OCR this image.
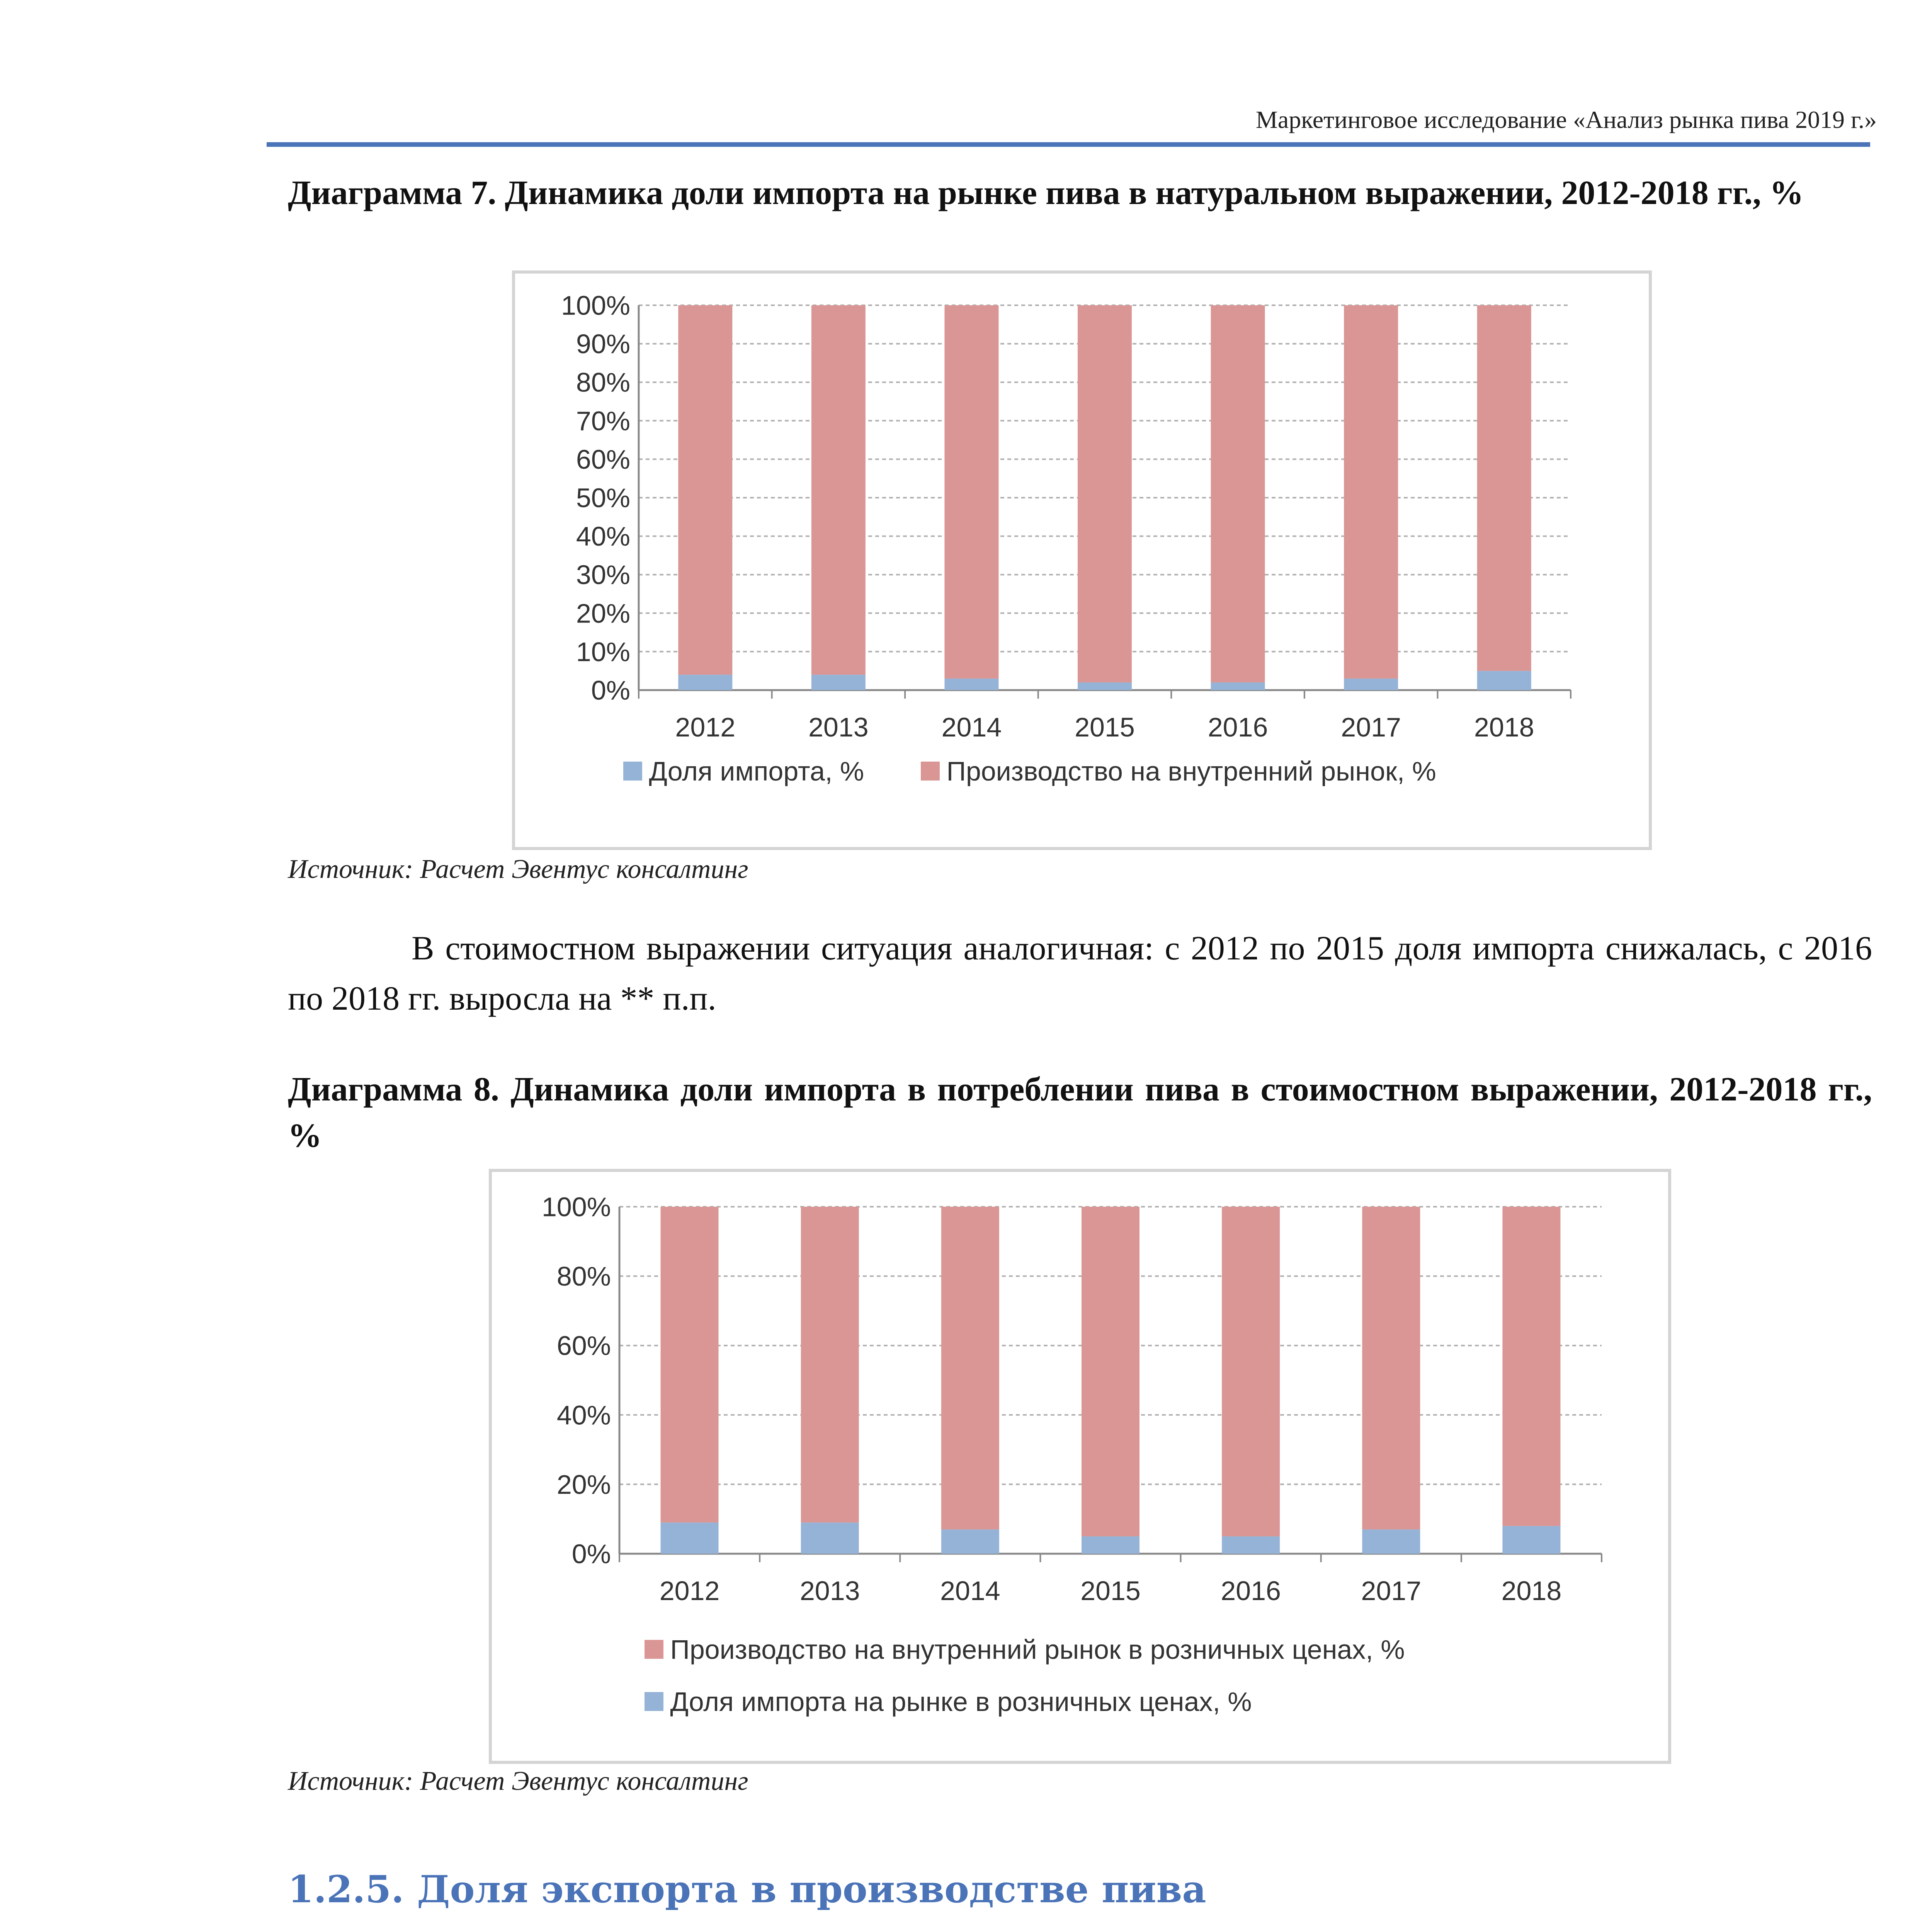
Маркетинговое исследование «Анализ рынка пива 2019 г.»
Диаграмма 7. Динамика доли импорта на рынке пива в натуральном выражении, 2012-2018 гг., %
0%
10%
20%
30%
40%
50%
60%
70%
80%
90%
100%
2012	2013	2014	2015	2016	2017	2018
Доля импорта, %	Производство на внутренний рынок, %
Источник: Расчет Эвентус консалтинг
В стоимостном выражении ситуация аналогичная: с 2012 по 2015 доля импорта снижалась, с 2016 по 2018 гг. выросла на ** п.п.
Диаграмма 8. Динамика доли импорта в потреблении пива в стоимостном выражении, 2012-2018 гг., %
0%
20%
40%
60%
80%
100%
2012	2013	2014	2015	2016	2017	2018
Производство на внутренний рынок в розничных ценах, %
Доля импорта на рынке в розничных ценах, %
Источник: Расчет Эвентус консалтинг
1.2.5. Доля экспорта в производстве пива
